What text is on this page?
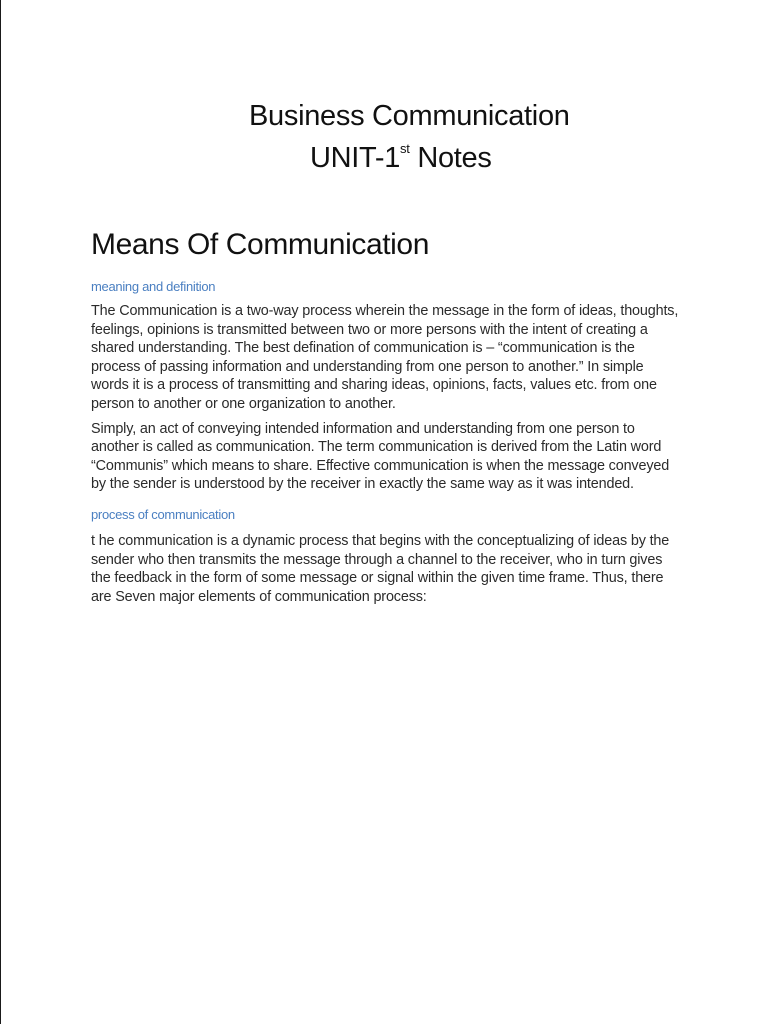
Business Communication
UNIT-1st Notes
Means Of Communication
meaning and definition

The Communication is a two-way process wherein the message in the form of ideas, thoughts, feelings, opinions is transmitted between two or more persons with the intent of creating a shared understanding. The best defination of communication is – “communication is the process of passing information and understanding from one person to another.” In simple words it is a process of transmitting and sharing ideas, opinions, facts, values etc. from one person to another or one organization to another.

Simply, an act of conveying intended information and understanding from one person to another is called as communication. The term communication is derived from the Latin word “Communis” which means to share. Effective communication is when the message conveyed by the sender is understood by the receiver in exactly the same way as it was intended.

process of communication

t he communication is a dynamic process that begins with the conceptualizing of ideas by the sender who then transmits the message through a channel to the receiver, who in turn gives the feedback in the form of some message or signal within the given time frame. Thus, there are Seven major elements of communication process:
